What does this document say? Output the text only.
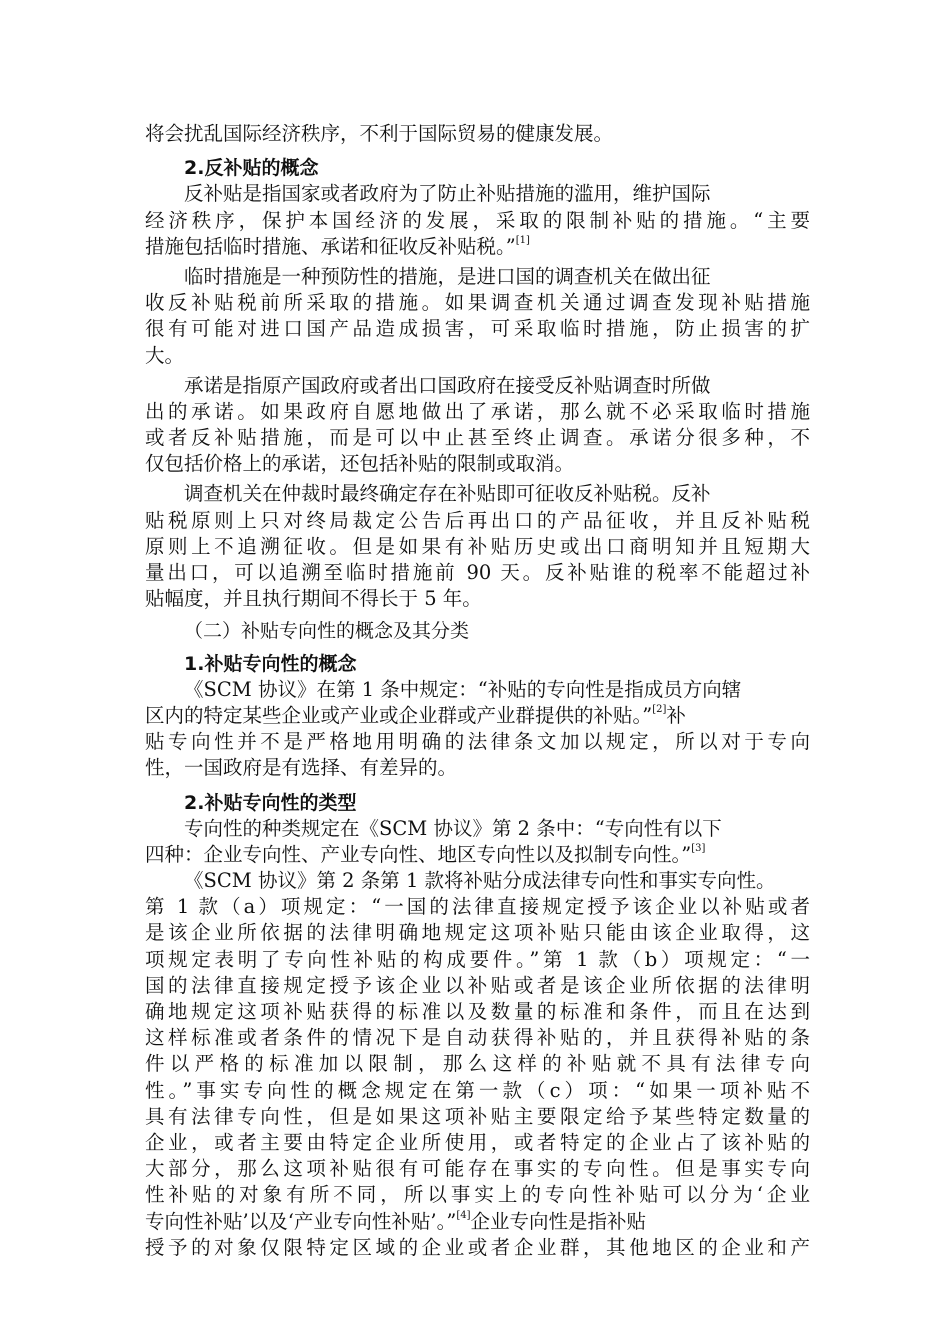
将会扰乱国际经济秩序，不利于国际贸易的健康发展。
2.反补贴的概念
反补贴是指国家或者政府为了防止补贴措施的滥用，维护国际
经济秩序，保护本国经济的发展，采取的限制补贴的措施。“主要
措施包括临时措施、承诺和征收反补贴税。”[1]
临时措施是一种预防性的措施，是进口国的调查机关在做出征
收反补贴税前所采取的措施。如果调查机关通过调查发现补贴措施
很有可能对进口国产品造成损害，可采取临时措施，防止损害的扩
大。
承诺是指原产国政府或者出口国政府在接受反补贴调查时所做
出的承诺。如果政府自愿地做出了承诺，那么就不必采取临时措施
或者反补贴措施，而是可以中止甚至终止调查。承诺分很多种，不
仅包括价格上的承诺，还包括补贴的限制或取消。
调查机关在仲裁时最终确定存在补贴即可征收反补贴税。反补
贴税原则上只对终局裁定公告后再出口的产品征收，并且反补贴税
原则上不追溯征收。但是如果有补贴历史或出口商明知并且短期大
量出口，可以追溯至临时措施前 90 天。反补贴谁的税率不能超过补
贴幅度，并且执行期间不得长于 5 年。
（二）补贴专向性的概念及其分类
1.补贴专向性的概念
《SCM 协议》在第 1 条中规定：“补贴的专向性是指成员方向辖
区内的特定某些企业或产业或企业群或产业群提供的补贴。”[2]补
贴专向性并不是严格地用明确的法律条文加以规定，所以对于专向
性，一国政府是有选择、有差异的。
2.补贴专向性的类型
专向性的种类规定在《SCM 协议》第 2 条中：“专向性有以下
四种：企业专向性、产业专向性、地区专向性以及拟制专向性。”[3]
《SCM 协议》第 2 条第 1 款将补贴分成法律专向性和事实专向性。
第 1 款（a）项规定：“一国的法律直接规定授予该企业以补贴或者
是该企业所依据的法律明确地规定这项补贴只能由该企业取得，这
项规定表明了专向性补贴的构成要件。”第 1 款（b）项规定：“一
国的法律直接规定授予该企业以补贴或者是该企业所依据的法律明
确地规定这项补贴获得的标准以及数量的标准和条件，而且在达到
这样标准或者条件的情况下是自动获得补贴的，并且获得补贴的条
件以严格的标准加以限制，那么这样的补贴就不具有法律专向
性。”事实专向性的概念规定在第一款（c）项：“如果一项补贴不
具有法律专向性，但是如果这项补贴主要限定给予某些特定数量的
企业，或者主要由特定企业所使用，或者特定的企业占了该补贴的
大部分，那么这项补贴很有可能存在事实的专向性。但是事实专向
性补贴的对象有所不同，所以事实上的专向性补贴可以分为‘企业
专向性补贴’以及‘产业专向性补贴’。”[4]企业专向性是指补贴
授予的对象仅限特定区域的企业或者企业群，其他地区的企业和产
